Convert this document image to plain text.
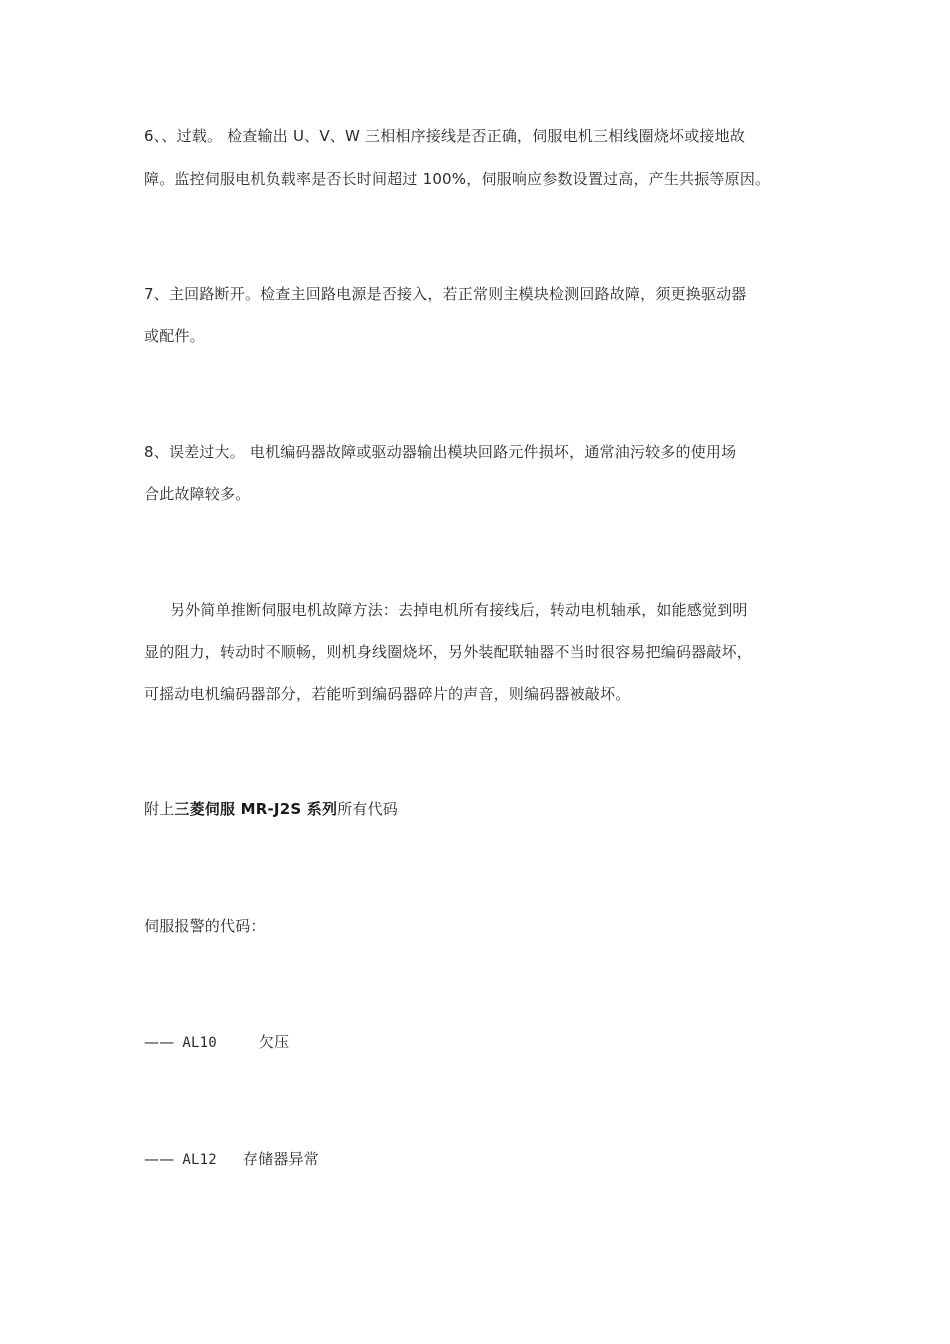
6、、过载。 检查输出 U、V、W 三相相序接线是否正确，伺服电机三相线圈烧坏或接地故
障。监控伺服电机负载率是否长时间超过 100%，伺服响应参数设置过高，产生共振等原因。
7、主回路断开。检查主回路电源是否接入，若正常则主模块检测回路故障，须更换驱动器
或配件。
8、误差过大。 电机编码器故障或驱动器输出模块回路元件损坏，通常油污较多的使用场
合此故障较多。
另外简单推断伺服电机故障方法：去掉电机所有接线后，转动电机轴承，如能感觉到明
显的阻力，转动时不顺畅，则机身线圈烧坏，另外装配联轴器不当时很容易把编码器敲坏，
可摇动电机编码器部分，若能听到编码器碎片的声音，则编码器被敲坏。
附上三菱伺服 MR-J2S 系列所有代码
伺服报警的代码：
—— AL10	欠压
—— AL12 存储器异常
